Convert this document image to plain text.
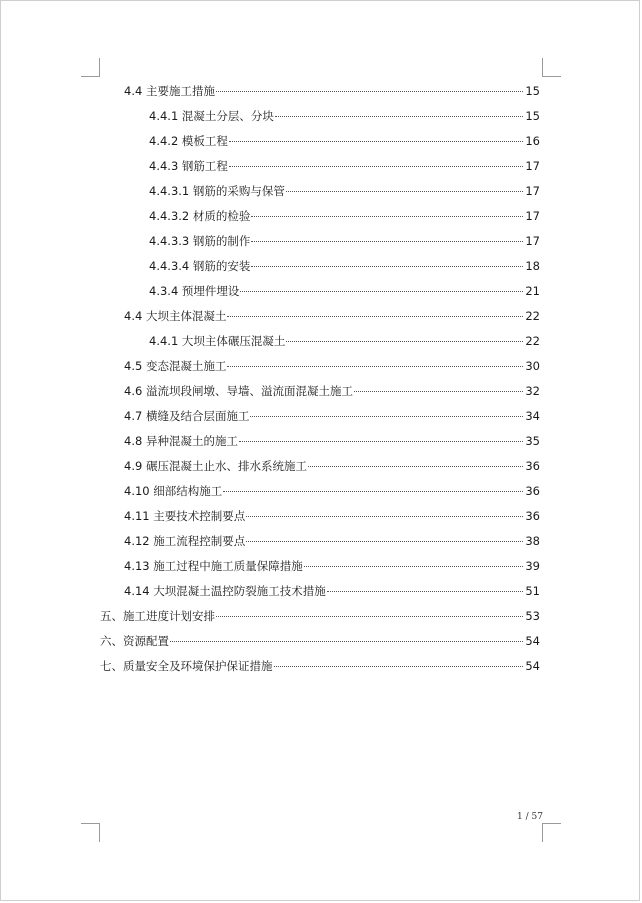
4.4 主要施工措施	15
4.4.1 混凝土分层、分块	15
4.4.2 模板工程	16
4.4.3 钢筋工程	17
4.4.3.1 钢筋的采购与保管	17
4.4.3.2 材质的检验	17
4.4.3.3 钢筋的制作	17
4.4.3.4 钢筋的安装	18
4.3.4 预埋件埋设	21
4.4 大坝主体混凝土	22
4.4.1 大坝主体碾压混凝土	22
4.5 变态混凝土施工	30
4.6 溢流坝段闸墩、导墙、溢流面混凝土施工	32
4.7 横缝及结合层面施工	34
4.8 异种混凝土的施工	35
4.9 碾压混凝土止水、排水系统施工	36
4.10 细部结构施工	36
4.11 主要技术控制要点	36
4.12 施工流程控制要点	38
4.13 施工过程中施工质量保障措施	39
4.14 大坝混凝土温控防裂施工技术措施	51
五、施工进度计划安排	53
六、资源配置	54
七、质量安全及环境保护保证措施	54
1 / 57
